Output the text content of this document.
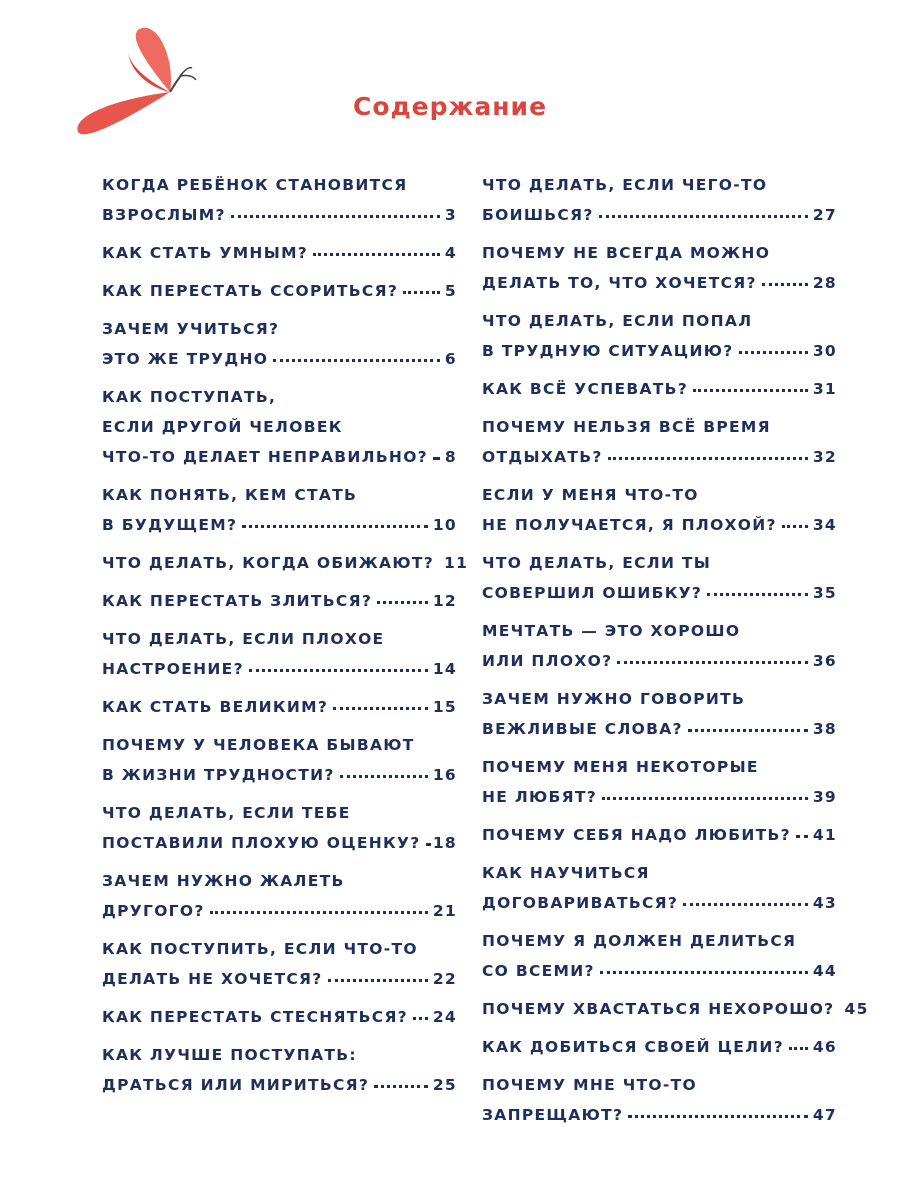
Содержание
КОГДА РЕБЁНОК СТАНОВИТСЯ
ВЗРОСЛЫМ?	3
КАК СТАТЬ УМНЫМ?	4
КАК ПЕРЕСТАТЬ ССОРИТЬСЯ?	5
ЗАЧЕМ УЧИТЬСЯ?
ЭТО ЖЕ ТРУДНО	6
КАК ПОСТУПАТЬ,
ЕСЛИ ДРУГОЙ ЧЕЛОВЕК
ЧТО-ТО ДЕЛАЕТ НЕПРАВИЛЬНО? 8
КАК ПОНЯТЬ, КЕМ СТАТЬ
В БУДУЩЕМ?	10
ЧТО ДЕЛАТЬ, КОГДА ОБИЖАЮТ? 11
КАК ПЕРЕСТАТЬ ЗЛИТЬСЯ?	12
ЧТО ДЕЛАТЬ, ЕСЛИ ПЛОХОЕ
НАСТРОЕНИЕ?	14
КАК СТАТЬ ВЕЛИКИМ?	15
ПОЧЕМУ У ЧЕЛОВЕКА БЫВАЮТ
В ЖИЗНИ ТРУДНОСТИ?	16
ЧТО ДЕЛАТЬ, ЕСЛИ ТЕБЕ
ПОСТАВИЛИ ПЛОХУЮ ОЦЕНКУ? 18
ЗАЧЕМ НУЖНО ЖАЛЕТЬ
ДРУГОГО?	21
КАК ПОСТУПИТЬ, ЕСЛИ ЧТО-ТО
ДЕЛАТЬ НЕ ХОЧЕТСЯ?	22
КАК ПЕРЕСТАТЬ СТЕСНЯТЬСЯ? 24
КАК ЛУЧШЕ ПОСТУПАТЬ:
ДРАТЬСЯ ИЛИ МИРИТЬСЯ?	25
ЧТО ДЕЛАТЬ, ЕСЛИ ЧЕГО-ТО
БОИШЬСЯ?	27
ПОЧЕМУ НЕ ВСЕГДА МОЖНО
ДЕЛАТЬ ТО, ЧТО ХОЧЕТСЯ?	28
ЧТО ДЕЛАТЬ, ЕСЛИ ПОПАЛ
В ТРУДНУЮ СИТУАЦИЮ?	30
КАК ВСЁ УСПЕВАТЬ?	31
ПОЧЕМУ НЕЛЬЗЯ ВСЁ ВРЕМЯ
ОТДЫХАТЬ?	32
ЕСЛИ У МЕНЯ ЧТО-ТО
НЕ ПОЛУЧАЕТСЯ, Я ПЛОХОЙ? 34
ЧТО ДЕЛАТЬ, ЕСЛИ ТЫ
СОВЕРШИЛ ОШИБКУ?	35
МЕЧТАТЬ — ЭТО ХОРОШО
ИЛИ ПЛОХО?	36
ЗАЧЕМ НУЖНО ГОВОРИТЬ
ВЕЖЛИВЫЕ СЛОВА?	38
ПОЧЕМУ МЕНЯ НЕКОТОРЫЕ
НЕ ЛЮБЯТ?	39
ПОЧЕМУ СЕБЯ НАДО ЛЮБИТЬ? 41
КАК НАУЧИТЬСЯ
ДОГОВАРИВАТЬСЯ?	43
ПОЧЕМУ Я ДОЛЖЕН ДЕЛИТЬСЯ
СО ВСЕМИ?	44
ПОЧЕМУ ХВАСТАТЬСЯ НЕХОРОШО? 45
КАК ДОБИТЬСЯ СВОЕЙ ЦЕЛИ? 46
ПОЧЕМУ МНЕ ЧТО-ТО
ЗАПРЕЩАЮТ?	47
